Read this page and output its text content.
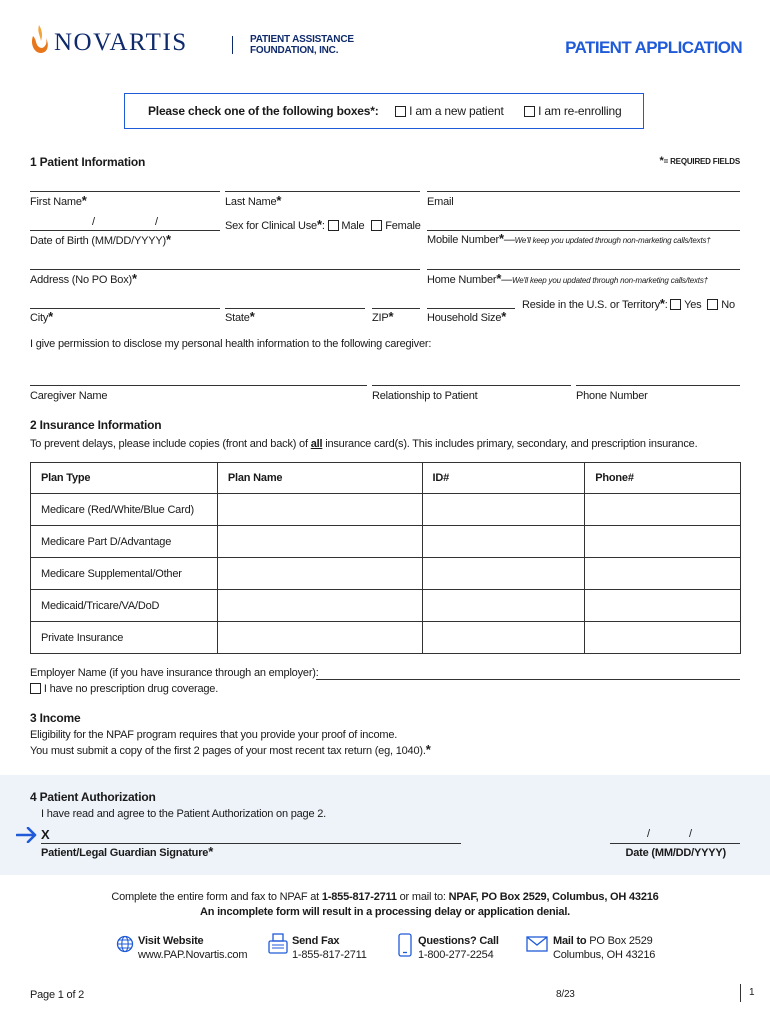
NOVARTIS	PATIENT ASSISTANCE
FOUNDATION, INC.	PATIENT APPLICATION
Please check one of the following boxes*:	I am a new patient	I am re-enrolling
1 Patient Information	*= REQUIRED FIELDS
First Name*	Last Name*	Email
/	/
Date of Birth (MM/DD/YYYY)*
Sex for Clinical Use*:  Male Female
Mobile Number*—We'll keep you updated through non-marketing calls/texts†
Address (No PO Box)*	Home Number*—We'll keep you updated through non-marketing calls/texts†
City*	State*	ZIP*	Household Size*
Reside in the U.S. or Territory*:  Yes No
I give permission to disclose my personal health information to the following caregiver:
Caregiver Name	Relationship to Patient	Phone Number
2 Insurance Information
To prevent delays, please include copies (front and back) of all insurance card(s). This includes primary, secondary, and prescription insurance.
Plan Type	Plan Name	ID#	Phone#
Medicare (Red/White/Blue Card)			
Medicare Part D/Advantage			
Medicare Supplemental/Other			
Medicaid/Tricare/VA/DoD			
Private Insurance			
Employer Name (if you have insurance through an employer):
I have no prescription drug coverage.
3 Income
Eligibility for the NPAF program requires that you provide your proof of income.
You must submit a copy of the first 2 pages of your most recent tax return (eg, 1040).*
4 Patient Authorization
I have read and agree to the Patient Authorization on page 2.
X	/	/
Patient/Legal Guardian Signature*	Date (MM/DD/YYYY)
Complete the entire form and fax to NPAF at 1-855-817-2711 or mail to: NPAF, PO Box 2529, Columbus, OH 43216
An incomplete form will result in a processing delay or application denial.
Visit Website
www.PAP.Novartis.com
Send Fax
1-855-817-2711
Questions? Call
1-800-277-2254
Mail to PO Box 2529
Columbus, OH 43216
Page 1 of 2	8/23	1
